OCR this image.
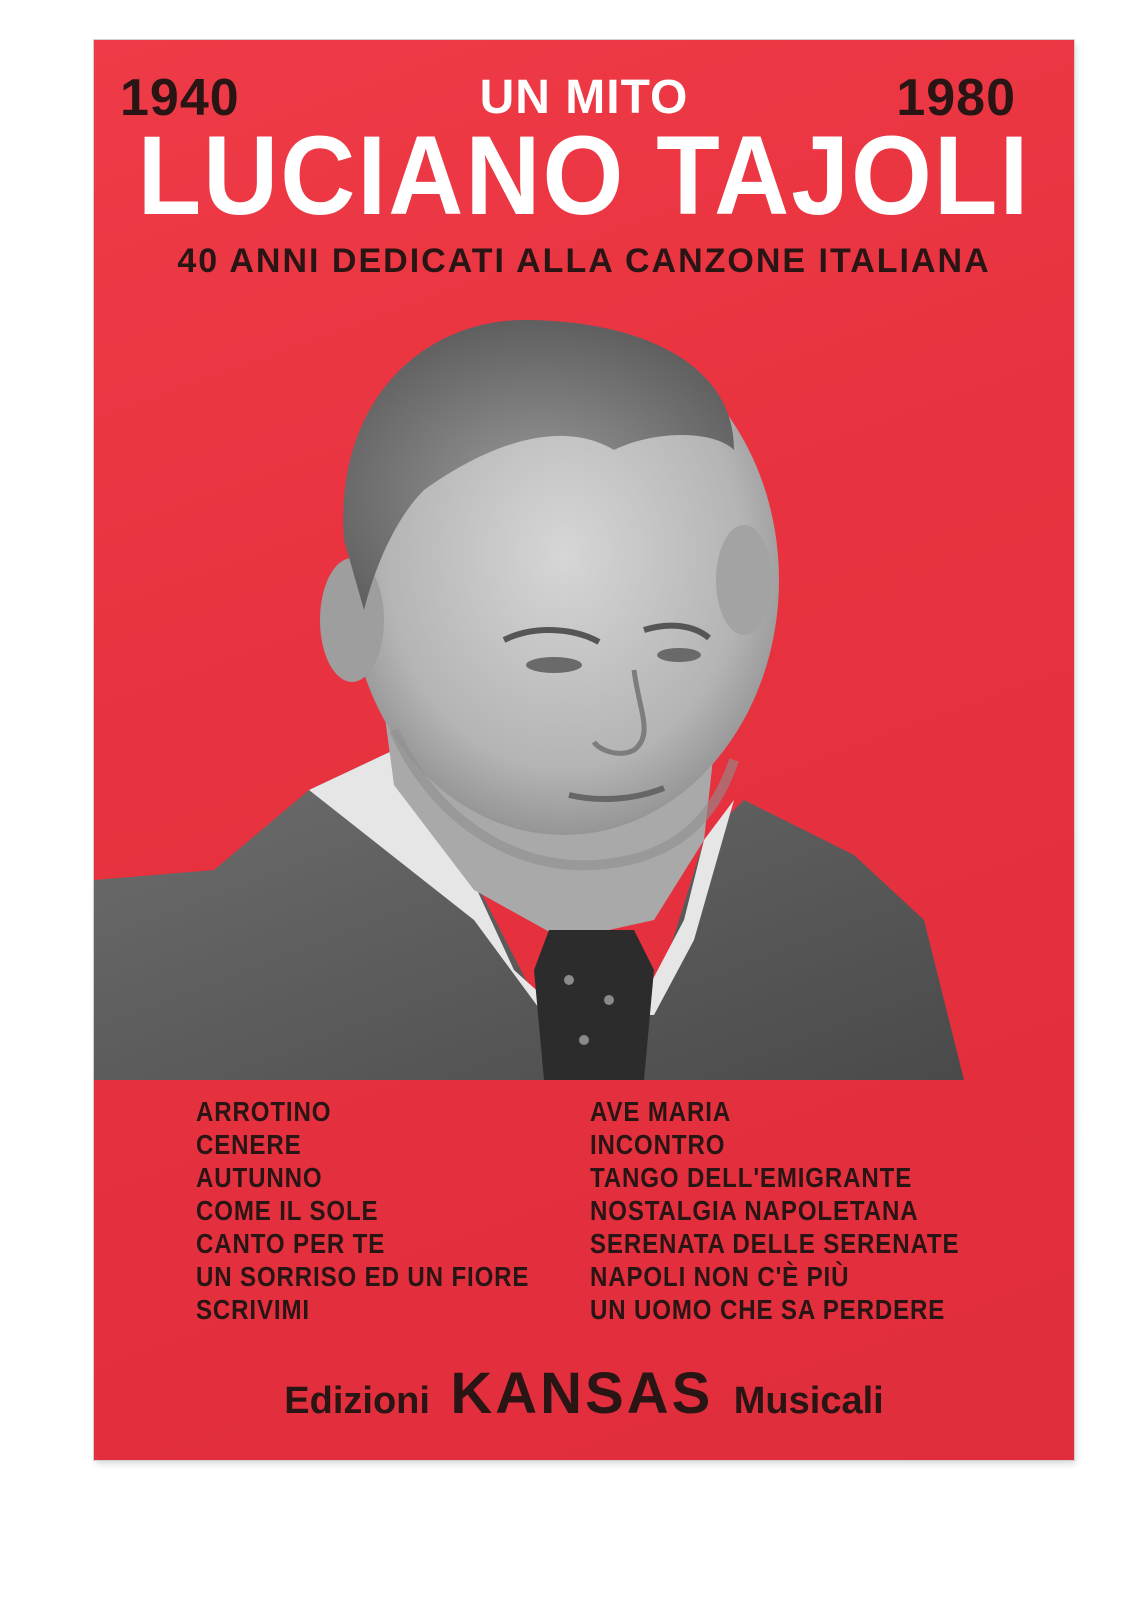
1940	UN MITO	1980
LUCIANO TAJOLI
40 ANNI DEDICATI ALLA CANZONE ITALIANA
ARROTINO
CENERE
AUTUNNO
COME IL SOLE
CANTO PER TE
UN SORRISO ED UN FIORE
SCRIVIMI
AVE MARIA
INCONTRO
TANGO DELL'EMIGRANTE
NOSTALGIA NAPOLETANA
SERENATA DELLE SERENATE
NAPOLI NON C'È PIÙ
UN UOMO CHE SA PERDERE
Edizioni KANSAS Musicali
